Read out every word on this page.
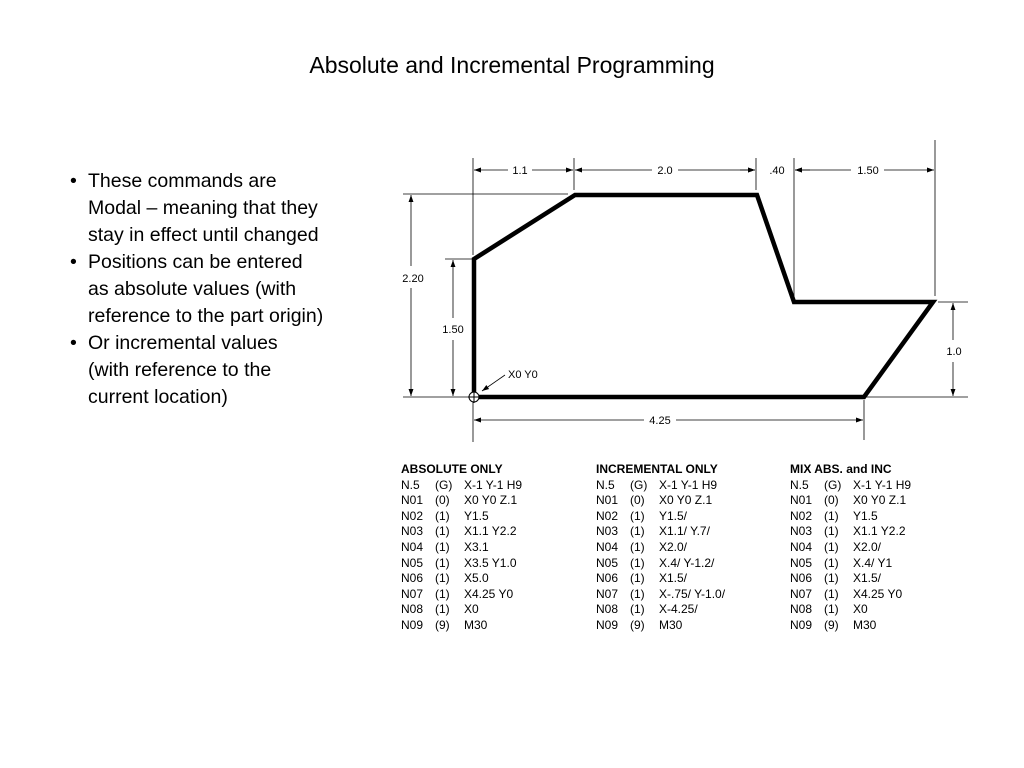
Absolute and Incremental Programming
• These commands are Modal – meaning that they stay in effect until changed
• Positions can be entered as absolute values (with reference to the part origin)
• Or incremental values (with reference to the current location)
1.1	2.0	.40	1.50
2.20
1.50
1.0
4.25
X0 Y0
ABSOLUTE ONLY
N.5	(G) X-1 Y-1 H9
N01 (0)	X0 Y0 Z.1
N02 (1)	Y1.5
N03 (1)	X1.1 Y2.2
N04 (1)	X3.1
N05 (1)	X3.5 Y1.0
N06 (1)	X5.0
N07 (1)	X4.25 Y0
N08 (1)	X0
N09 (9)	M30
INCREMENTAL ONLY
N.5	(G) X-1 Y-1 H9
N01 (0)	X0 Y0 Z.1
N02 (1)	Y1.5/
N03 (1)	X1.1/ Y.7/
N04 (1)	X2.0/
N05 (1)	X.4/ Y-1.2/
N06 (1)	X1.5/
N07 (1)	X-.75/ Y-1.0/
N08 (1)	X-4.25/
N09 (9)	M30
MIX ABS. and INC
N.5	(G) X-1 Y-1 H9
N01 (0)	X0 Y0 Z.1
N02 (1)	Y1.5
N03 (1)	X1.1 Y2.2
N04 (1)	X2.0/
N05 (1)	X.4/ Y1
N06 (1)	X1.5/
N07 (1)	X4.25 Y0
N08 (1)	X0
N09 (9)	M30
